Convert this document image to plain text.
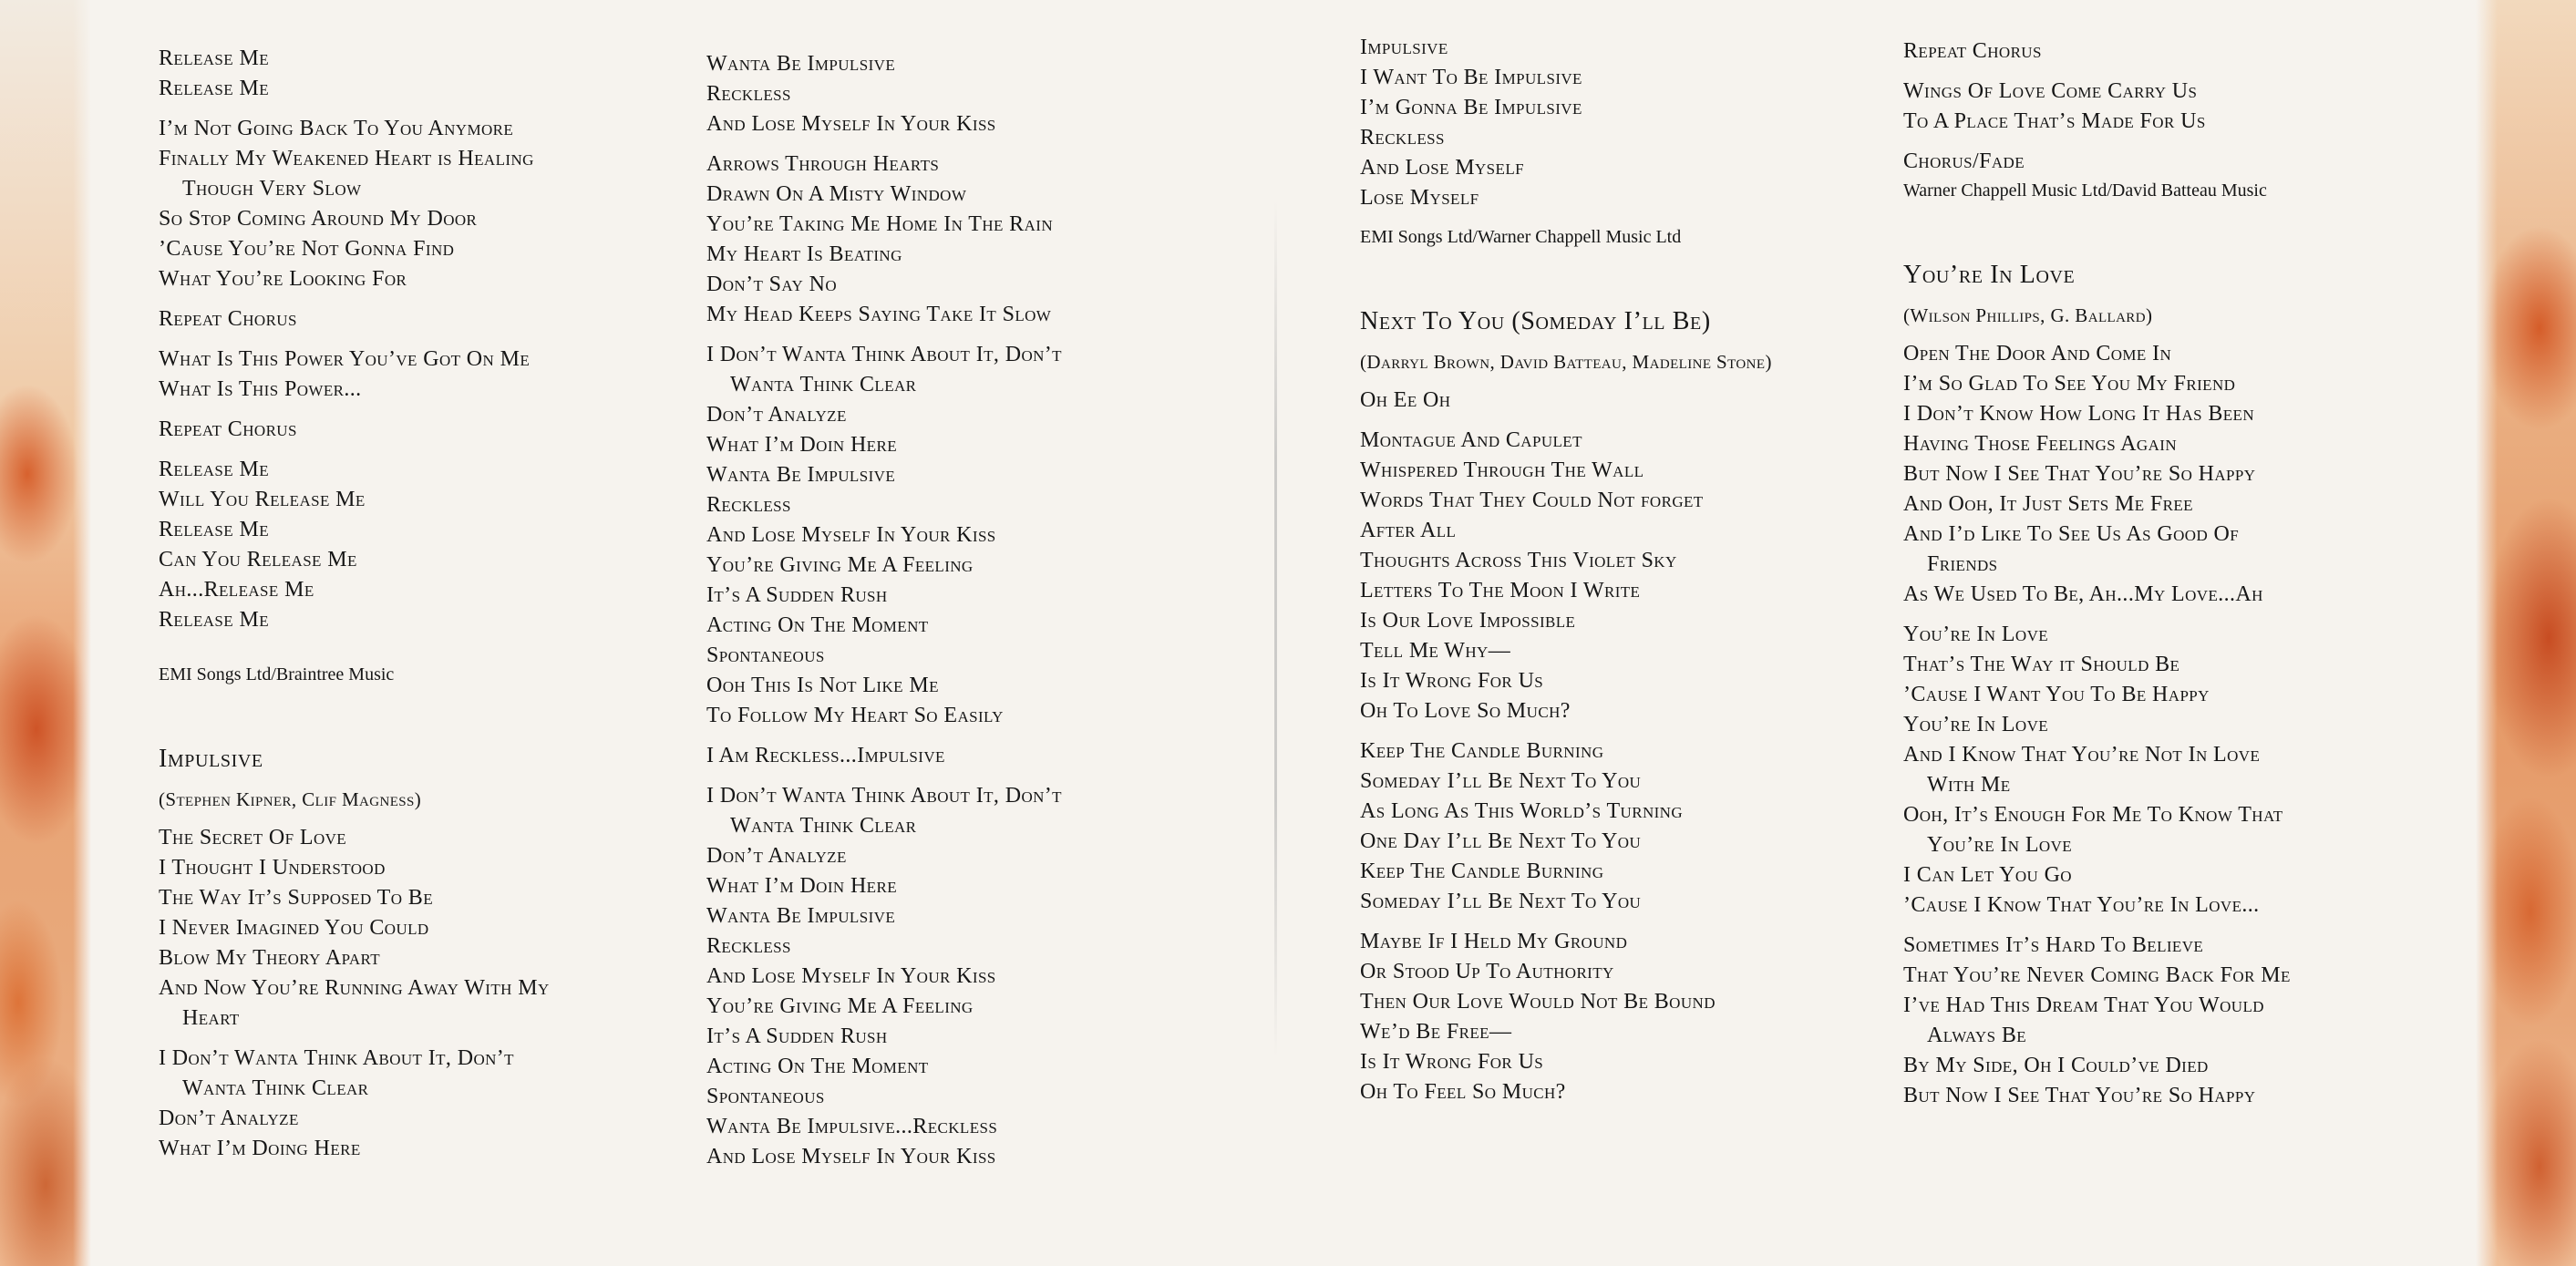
Release Me
Release Me
I’m Not Going Back To You Anymore
Finally My Weakened Heart is Healing
Though Very Slow
So Stop Coming Around My Door
’Cause You’re Not Gonna Find
What You’re Looking For
Repeat Chorus
What Is This Power You’ve Got On Me
What Is This Power...
Repeat Chorus
Release Me
Will You Release Me
Release Me
Can You Release Me
Ah...Release Me
Release Me
EMI Songs Ltd/Braintree Music
Impulsive
(Stephen Kipner, Clif Magness)
The Secret Of Love
I Thought I Understood
The Way It’s Supposed To Be
I Never Imagined You Could
Blow My Theory Apart
And Now You’re Running Away With My
Heart
I Don’t Wanta Think About It, Don’t
Wanta Think Clear
Don’t Analyze
What I’m Doing Here
Wanta Be Impulsive
Reckless
And Lose Myself In Your Kiss
Arrows Through Hearts
Drawn On A Misty Window
You’re Taking Me Home In The Rain
My Heart Is Beating
Don’t Say No
My Head Keeps Saying Take It Slow
I Don’t Wanta Think About It, Don’t
Wanta Think Clear
Don’t Analyze
What I’m Doin Here
Wanta Be Impulsive
Reckless
And Lose Myself In Your Kiss
You’re Giving Me A Feeling
It’s A Sudden Rush
Acting On The Moment
Spontaneous
Ooh This Is Not Like Me
To Follow My Heart So Easily
I Am Reckless...Impulsive
I Don’t Wanta Think About It, Don’t
Wanta Think Clear
Don’t Analyze
What I’m Doin Here
Wanta Be Impulsive
Reckless
And Lose Myself In Your Kiss
You’re Giving Me A Feeling
It’s A Sudden Rush
Acting On The Moment
Spontaneous
Wanta Be Impulsive...Reckless
And Lose Myself In Your Kiss
Impulsive
I Want To Be Impulsive
I’m Gonna Be Impulsive
Reckless
And Lose Myself
Lose Myself
EMI Songs Ltd/Warner Chappell Music Ltd
Next To You (Someday I’ll Be)
(Darryl Brown, David Batteau, Madeline Stone)
Oh Ee Oh
Montague And Capulet
Whispered Through The Wall
Words That They Could Not forget
After All
Thoughts Across This Violet Sky
Letters To The Moon I Write
Is Our Love Impossible
Tell Me Why—
Is It Wrong For Us
Oh To Love So Much?
Keep The Candle Burning
Someday I’ll Be Next To You
As Long As This World’s Turning
One Day I’ll Be Next To You
Keep The Candle Burning
Someday I’ll Be Next To You
Maybe If I Held My Ground
Or Stood Up To Authority
Then Our Love Would Not Be Bound
We’d Be Free—
Is It Wrong For Us
Oh To Feel So Much?
Repeat Chorus
Wings Of Love Come Carry Us
To A Place That’s Made For Us
Chorus/Fade
Warner Chappell Music Ltd/David Batteau Music
You’re In Love
(Wilson Phillips, G. Ballard)
Open The Door And Come In
I’m So Glad To See You My Friend
I Don’t Know How Long It Has Been
Having Those Feelings Again
But Now I See That You’re So Happy
And Ooh, It Just Sets Me Free
And I’d Like To See Us As Good Of
Friends
As We Used To Be, Ah...My Love...Ah
You’re In Love
That’s The Way it Should Be
’Cause I Want You To Be Happy
You’re In Love
And I Know That You’re Not In Love
With Me
Ooh, It’s Enough For Me To Know That
You’re In Love
I Can Let You Go
’Cause I Know That You’re In Love...
Sometimes It’s Hard To Believe
That You’re Never Coming Back For Me
I’ve Had This Dream That You Would
Always Be
By My Side, Oh I Could’ve Died
But Now I See That You’re So Happy
